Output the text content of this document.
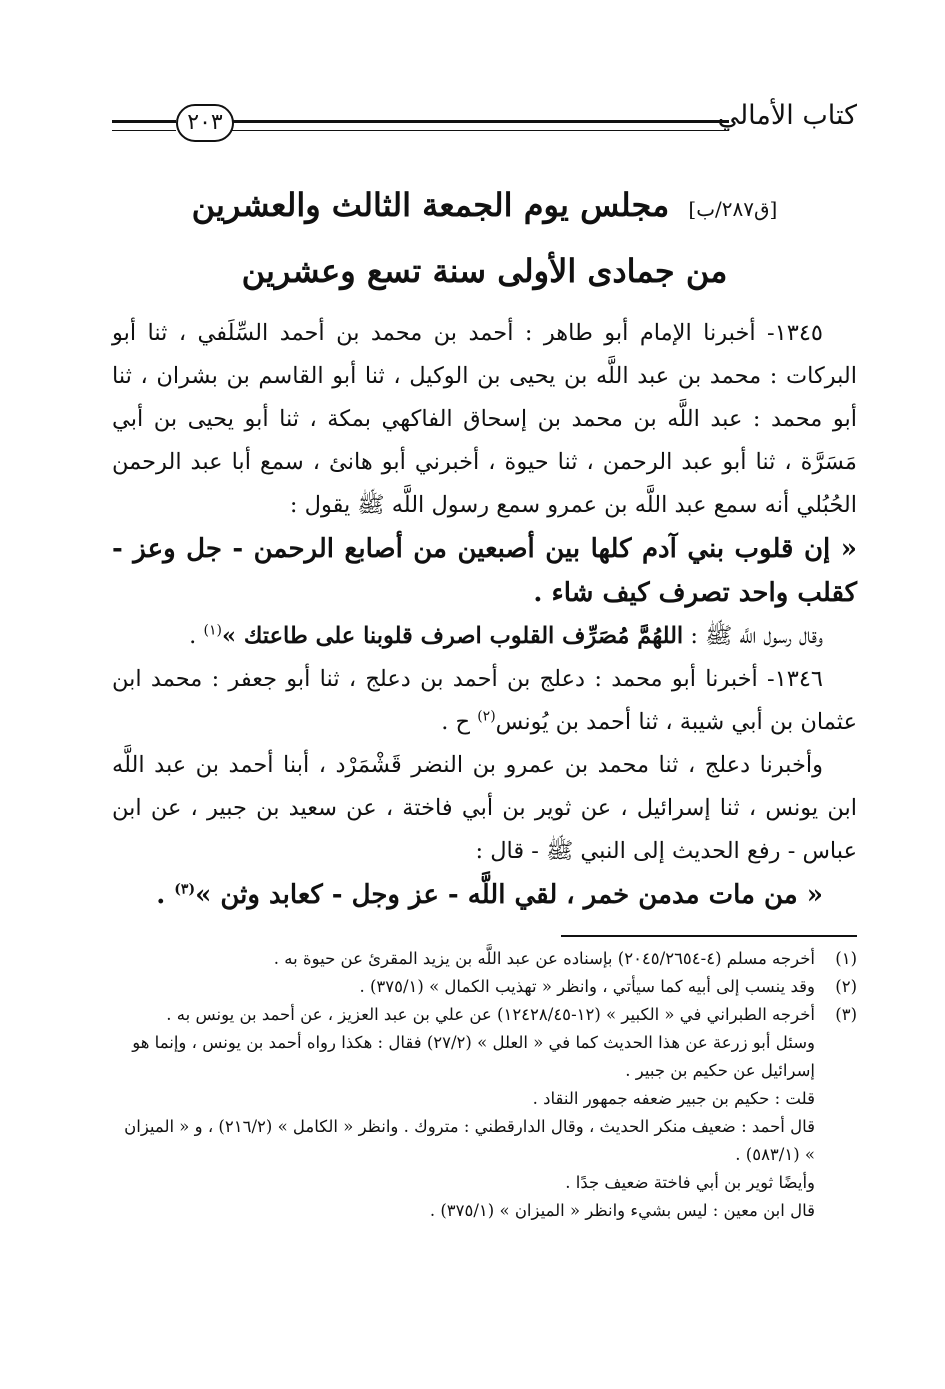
كتاب الأمالي
٢٠٣
[ق٢٨٧/ب] مجلس يوم الجمعة الثالث والعشرين
من جمادى الأولى سنة تسع وعشرين

١٣٤٥- أخبرنا الإمام أبو طاهر : أحمد بن محمد بن أحمد السِّلَفي ، ثنا أبو البركات : محمد بن عبد اللَّه بن يحيى بن الوكيل ، ثنا أبو القاسم بن بشران ، ثنا أبو محمد : عبد اللَّه بن محمد بن إسحاق الفاكهي بمكة ، ثنا أبو يحيى بن أبي مَسَرَّة ، ثنا أبو عبد الرحمن ، ثنا حيوة ، أخبرني أبو هانئ ، سمع أبا عبد الرحمن الحُبُلي أنه سمع عبد اللَّه بن عمرو سمع رسول اللَّه ﷺ يقول :

« إن قلوب بني آدم كلها بين أصبعين من أصابع الرحمن - جل وعز - كقلب واحد تصرف كيف شاء .

وقال رسول اللَّه ﷺ : اللهُمَّ مُصَرِّف القلوب اصرف قلوبنا على طاعتك »$^{(١)}$ .

١٣٤٦- أخبرنا أبو محمد : دعلج بن أحمد بن دعلج ، ثنا أبو جعفر : محمد ابن عثمان بن أبي شيبة ، ثنا أحمد بن يُونس$^{(٢)}$ ح .

وأخبرنا دعلج ، ثنا محمد بن عمرو بن النضر قَشْمَرْد ، أبنا أحمد بن عبد اللَّه ابن يونس ، ثنا إسرائيل ، عن ثوير بن أبي فاختة ، عن سعيد بن جبير ، عن ابن عباس - رفع الحديث إلى النبي ﷺ - قال :

« من مات مدمن خمر ، لقي اللَّه - عز وجل - كعابد وثن »$^{(٣)}$ .

(١)
أخرجه مسلم (٤-٢٠٤٥/٢٦٥٤) بإسناده عن عبد اللَّه بن يزيد المقرئ عن حيوة به .

(٢)
وقد ينسب إلى أبيه كما سيأتي ، وانظر « تهذيب الكمال » (٣٧٥/١) .

(٣)
أخرجه الطبراني في « الكبير » (١٢-١٢٤٢٨/٤٥) عن علي بن عبد العزيز ، عن أحمد بن يونس به .

وسئل أبو زرعة عن هذا الحديث كما في « العلل » (٢٧/٢) فقال : هكذا رواه أحمد بن يونس ، وإنما هو إسرائيل عن حكيم بن جبير .

قلت : حكيم بن جبير ضعفه جمهور النقاد .

قال أحمد : ضعيف منكر الحديث ، وقال الدارقطني : متروك . وانظر « الكامل » (٢١٦/٢) ، و « الميزان » (٥٨٣/١) .

وأيضًا ثوير بن أبي فاختة ضعيف جدًا .

قال ابن معين : ليس بشيء وانظر « الميزان » (٣٧٥/١) .
